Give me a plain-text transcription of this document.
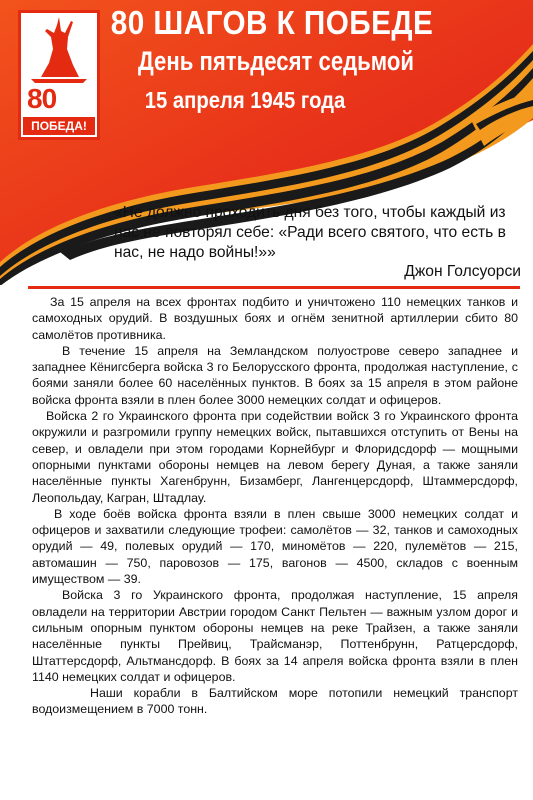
80
ПОБЕДА!
80 ШАГОВ К ПОБЕДЕ
День пятьдесят седьмой
15 апреля 1945 года
«Не должно проходить дня без того, чтобы каждый из нас не повторял себе: «Ради всего святого, что есть в нас, не надо войны!»»
Джон Голсуорси

За 15 апреля на всех фронтах подбито и уничтожено 110 немецких танков и самоходных орудий. В воздушных боях и огнём зенитной артиллерии сбито 80 самолётов противника.

В течение 15 апреля на Земландском полуострове северо западнее и западнее Кёнигсберга войска 3 го Белорусского фронта, продолжая наступление, с боями заняли более 60 населённых пунктов. В боях за 15 апреля в этом районе войска фронта взяли в плен более 3000 немецких солдат и офицеров.

Войска 2 го Украинского фронта при содействии войск 3 го Украинского фронта окружили и разгромили группу немецких войск, пытавшихся отступить от Вены на север, и овладели при этом городами Корнейбург и Флоридсдорф — мощными опорными пунктами обороны немцев на левом берегу Дуная, а также заняли населённые пункты Хагенбрунн, Бизамберг, Лангенцерсдорф, Штаммерсдорф, Леопольдау, Кагран, Штадлау.

В ходе боёв войска фронта взяли в плен свыше 3000 немецких солдат и офицеров и захватили следующие трофеи: самолётов — 32, танков и самоходных орудий — 49, полевых орудий — 170, миномётов — 220, пулемётов — 215, автомашин — 750, паровозов — 175, вагонов — 4500, складов с военным имуществом — 39.

Войска 3 го Украинского фронта, продолжая наступление, 15 апреля овладели на территории Австрии городом Санкт Пельтен — важным узлом дорог и сильным опорным пунктом обороны немцев на реке Трайзен, а также заняли населённые пункты Прейвиц, Трайсманэр, Поттенбрунн, Ратцерсдорф, Штаттерсдорф, Альтмансдорф. В боях за 14 апреля войска фронта взяли в плен 1140 немецких солдат и офицеров.

Наши корабли в Балтийском море потопили немецкий транспорт водоизмещением в 7000 тонн.
